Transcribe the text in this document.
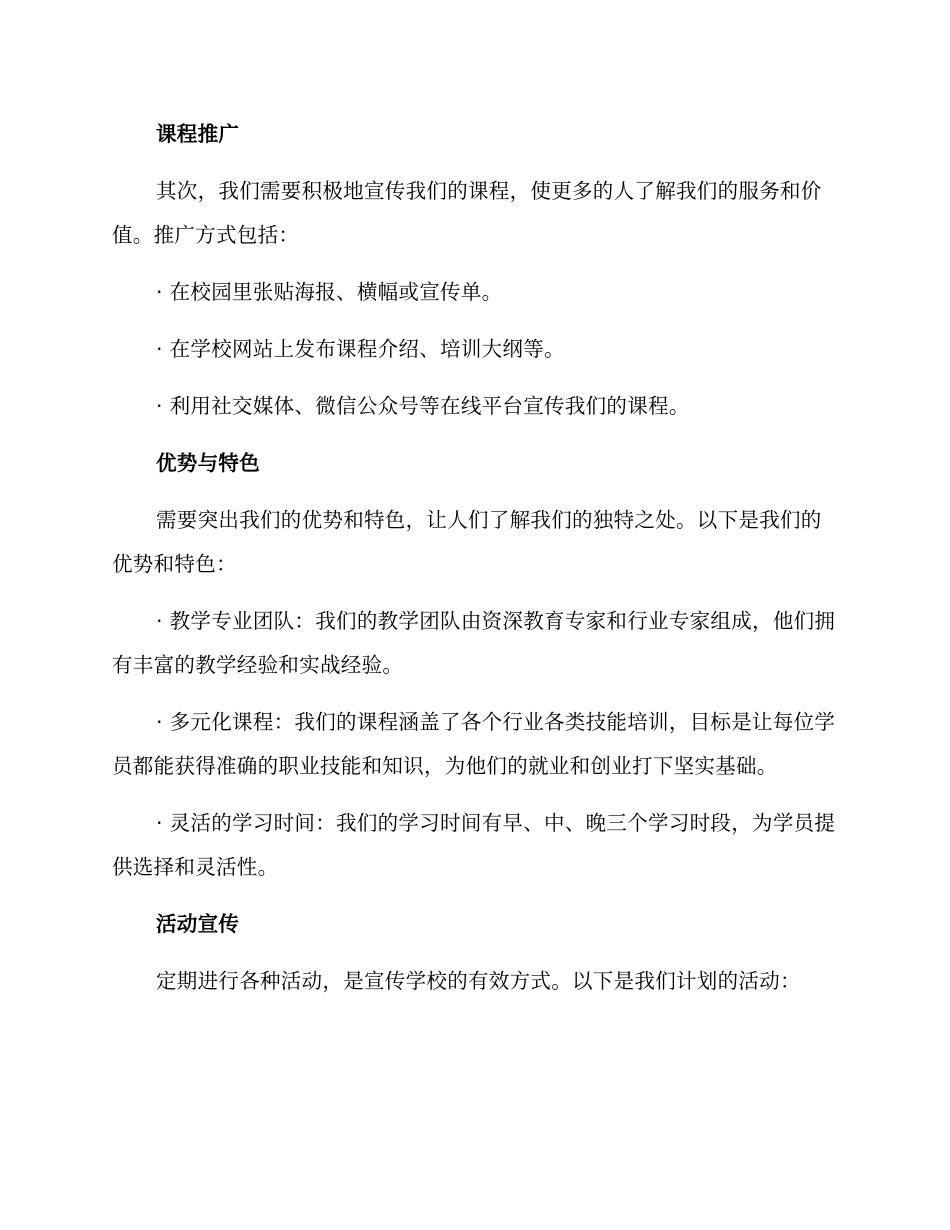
课程推广

其次，我们需要积极地宣传我们的课程，使更多的人了解我们的服务和价值。推广方式包括：

· 在校园里张贴海报、横幅或宣传单。

· 在学校网站上发布课程介绍、培训大纲等。

· 利用社交媒体、微信公众号等在线平台宣传我们的课程。

优势与特色

需要突出我们的优势和特色，让人们了解我们的独特之处。以下是我们的优势和特色：

· 教学专业团队：我们的教学团队由资深教育专家和行业专家组成，他们拥有丰富的教学经验和实战经验。

· 多元化课程：我们的课程涵盖了各个行业各类技能培训，目标是让每位学员都能获得准确的职业技能和知识，为他们的就业和创业打下坚实基础。

· 灵活的学习时间：我们的学习时间有早、中、晚三个学习时段，为学员提供选择和灵活性。

活动宣传

定期进行各种活动，是宣传学校的有效方式。以下是我们计划的活动：
